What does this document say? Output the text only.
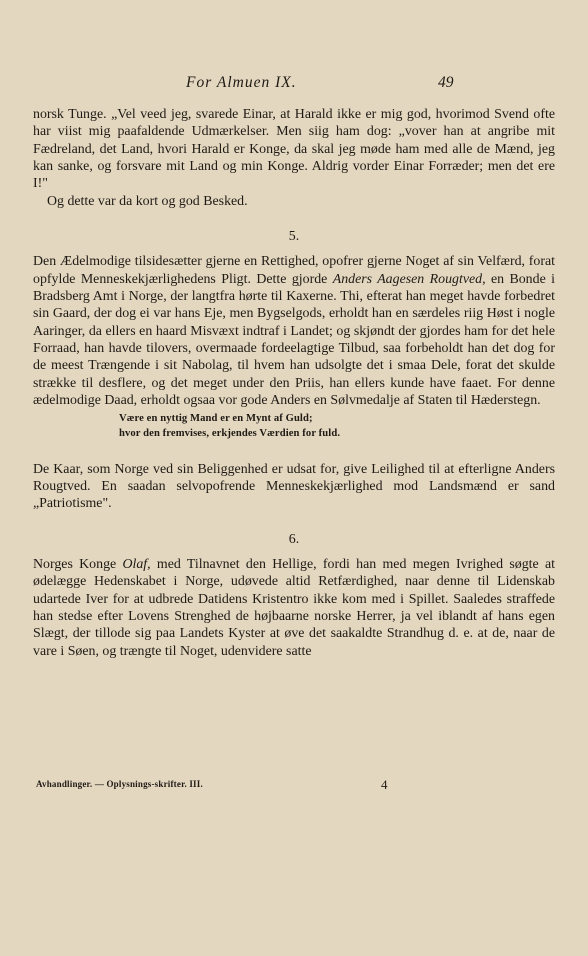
For Almuen IX.	49

norsk Tunge. „Vel veed jeg, svarede Einar, at Harald ikke er mig god, hvorimod Svend ofte har viist mig paafaldende Udmærkelser. Men siig ham dog: „vover han at angribe mit Fædreland, det Land, hvori Harald er Konge, da skal jeg møde ham med alle de Mænd, jeg kan sanke, og forsvare mit Land og min Konge. Aldrig vorder Einar Forræder; men det ere I!"

Og dette var da kort og god Besked.

5.

Den Ædelmodige tilsidesætter gjerne en Rettighed, opofrer gjerne Noget af sin Velfærd, forat opfylde Menneskekjærlighedens Pligt. Dette gjorde Anders Aagesen Rougtved, en Bonde i Bradsberg Amt i Norge, der langtfra hørte til Kaxerne. Thi, efterat han meget havde forbedret sin Gaard, der dog ei var hans Eje, men Bygselgods, erholdt han en særdeles riig Høst i nogle Aaringer, da ellers en haard Misvæxt indtraf i Landet; og skjøndt der gjordes ham for det hele Forraad, han havde tilovers, overmaade fordeelagtige Tilbud, saa forbeholdt han det dog for de meest Trængende i sit Nabolag, til hvem han udsolgte det i smaa Dele, forat det skulde strække til desflere, og det meget under den Priis, han ellers kunde have faaet. For denne ædelmodige Daad, erholdt ogsaa vor gode Anders en Sølvmedalje af Staten til Hæderstegn.

Være en nyttig Mand er en Mynt af Guld;
hvor den fremvises, erkjendes Værdien for fuld.

De Kaar, som Norge ved sin Beliggenhed er udsat for, give Leilighed til at efterligne Anders Rougtved. En saadan selvopofrende Menneskekjærlighed mod Landsmænd er sand „Patriotisme".

6.

Norges Konge Olaf, med Tilnavnet den Hellige, fordi han med megen Ivrighed søgte at ødelægge Hedenskabet i Norge, udøvede altid Retfærdighed, naar denne til Lidenskab udartede Iver for at udbrede Datidens Kristentro ikke kom med i Spillet. Saaledes straffede han stedse efter Lovens Strenghed de højbaarne norske Herrer, ja vel iblandt af hans egen Slægt, der tillode sig paa Landets Kyster at øve det saakaldte Strandhug d. e. at de, naar de vare i Søen, og trængte til Noget, udenvidere satte

Avhandlinger. — Oplysnings-skrifter. III.	4
